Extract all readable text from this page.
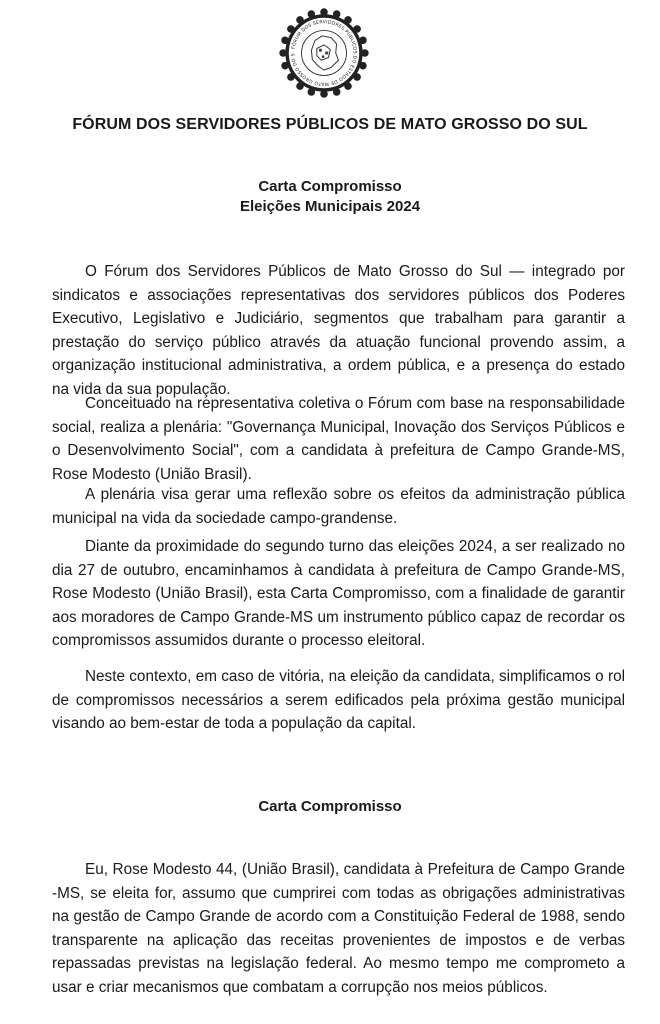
FÓRUM DOS SERVIDORES PÚBLICOS DO ESTADO DE MATO GROSSO DO S
FÓRUM DOS SERVIDORES PÚBLICOS DE MATO GROSSO DO SUL
Carta Compromisso
Eleições Municipais 2024

O Fórum dos Servidores Públicos de Mato Grosso do Sul — integrado por sindicatos e associações representativas dos servidores públicos dos Poderes Executivo, Legislativo e Judiciário, segmentos que trabalham para garantir a prestação do serviço público através da atuação funcional provendo assim, a organização institucional administrativa, a ordem pública, e a presença do estado na vida da sua população.

Conceituado na representativa coletiva o Fórum com base na responsabilidade social, realiza a plenária: "Governança Municipal, Inovação dos Serviços Públicos e o Desenvolvimento Social", com a candidata à prefeitura de Campo Grande-MS, Rose Modesto (União Brasil).

A plenária visa gerar uma reflexão sobre os efeitos da administração pública municipal na vida da sociedade campo-grandense.

Diante da proximidade do segundo turno das eleições 2024, a ser realizado no dia 27 de outubro, encaminhamos à candidata à prefeitura de Campo Grande-MS, Rose Modesto (União Brasil), esta Carta Compromisso, com a finalidade de garantir aos moradores de Campo Grande-MS um instrumento público capaz de recordar os compromissos assumidos durante o processo eleitoral.

Neste contexto, em caso de vitória, na eleição da candidata, simplificamos o rol de compromissos necessários a serem edificados pela próxima gestão municipal visando ao bem-estar de toda a população da capital.

Carta Compromisso

Eu, Rose Modesto 44, (União Brasil), candidata à Prefeitura de Campo Grande -MS, se eleita for, assumo que cumprirei com todas as obrigações administrativas na gestão de Campo Grande de acordo com a Constituição Federal de 1988, sendo transparente na aplicação das receitas provenientes de impostos e de verbas repassadas previstas na legislação federal. Ao mesmo tempo me comprometo a usar e criar mecanismos que combatam a corrupção nos meios públicos.
